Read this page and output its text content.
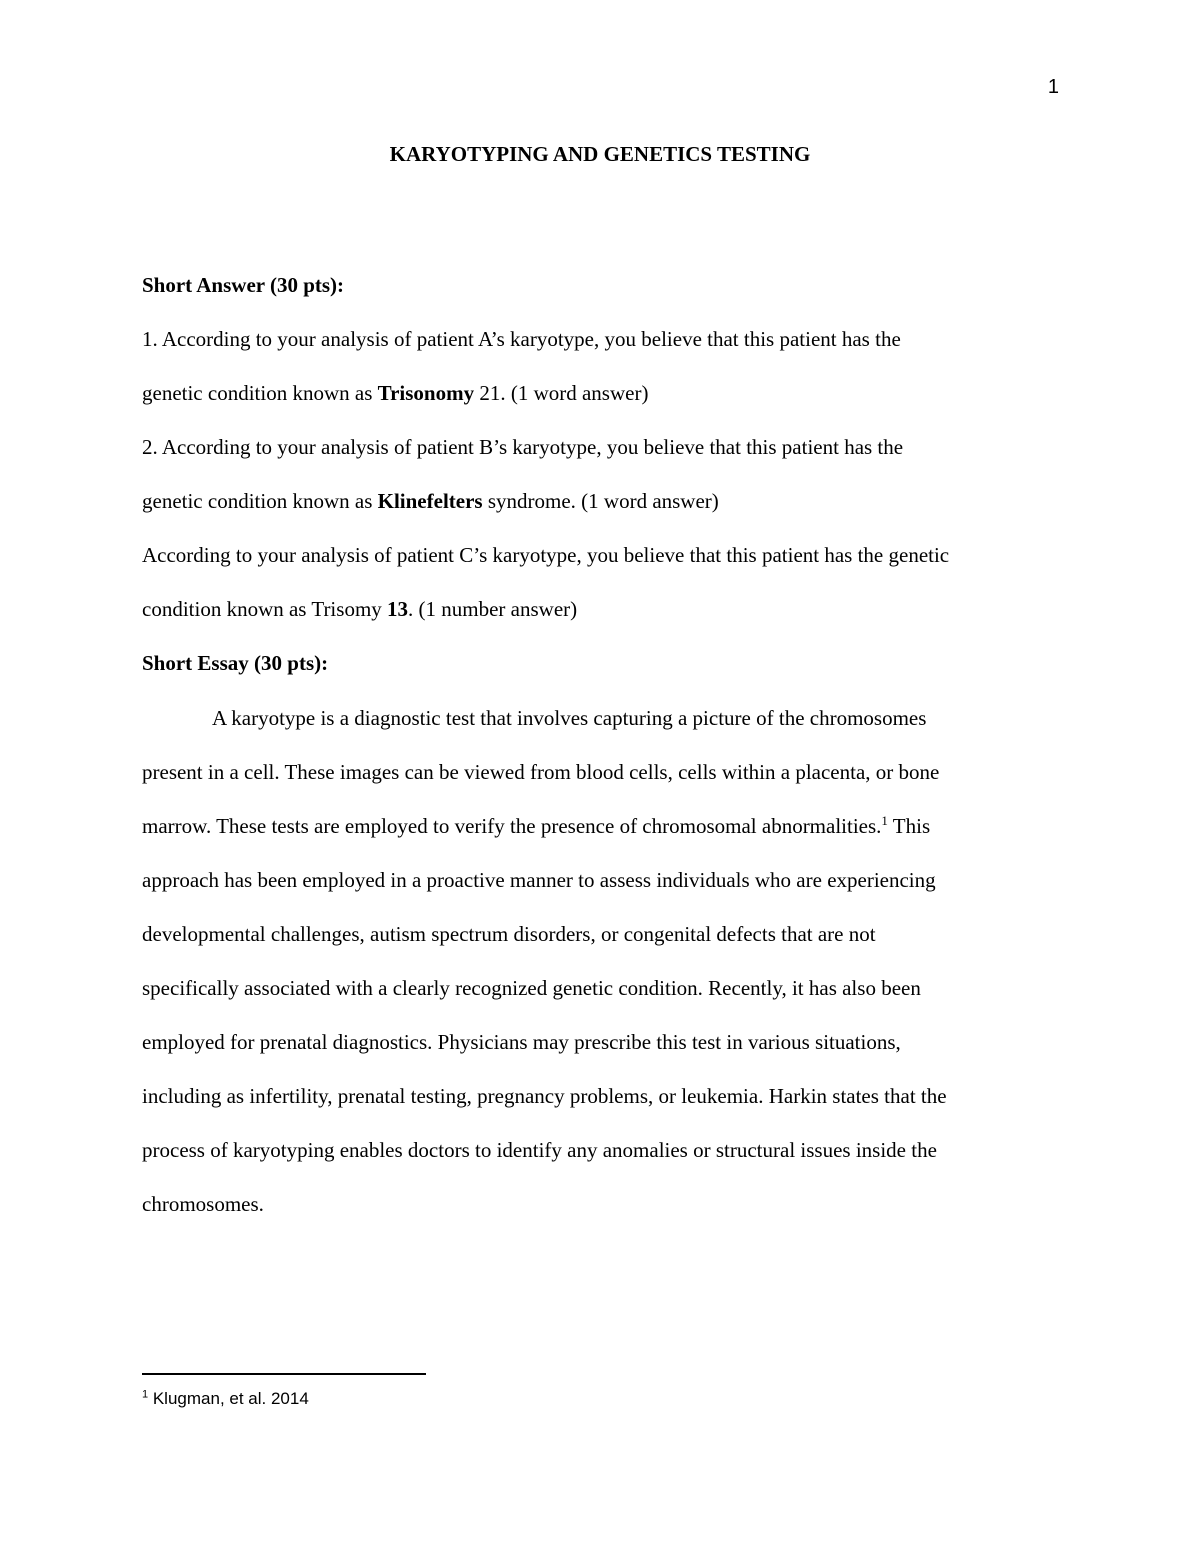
1
KARYOTYPING AND GENETICS TESTING
Short Answer (30 pts):
1. According to your analysis of patient A’s karyotype, you believe that this patient has the
genetic condition known as Trisonomy 21. (1 word answer)
2. According to your analysis of patient B’s karyotype, you believe that this patient has the
genetic condition known as Klinefelters syndrome. (1 word answer)
According to your analysis of patient C’s karyotype, you believe that this patient has the genetic
condition known as Trisomy 13. (1 number answer)
Short Essay (30 pts):
A karyotype is a diagnostic test that involves capturing a picture of the chromosomes
present in a cell. These images can be viewed from blood cells, cells within a placenta, or bone
marrow. These tests are employed to verify the presence of chromosomal abnormalities.$^1$ This
approach has been employed in a proactive manner to assess individuals who are experiencing
developmental challenges, autism spectrum disorders, or congenital defects that are not
specifically associated with a clearly recognized genetic condition. Recently, it has also been
employed for prenatal diagnostics. Physicians may prescribe this test in various situations,
including as infertility, prenatal testing, pregnancy problems, or leukemia. Harkin states that the
process of karyotyping enables doctors to identify any anomalies or structural issues inside the
chromosomes.
$^1$ Klugman, et al. 2014
